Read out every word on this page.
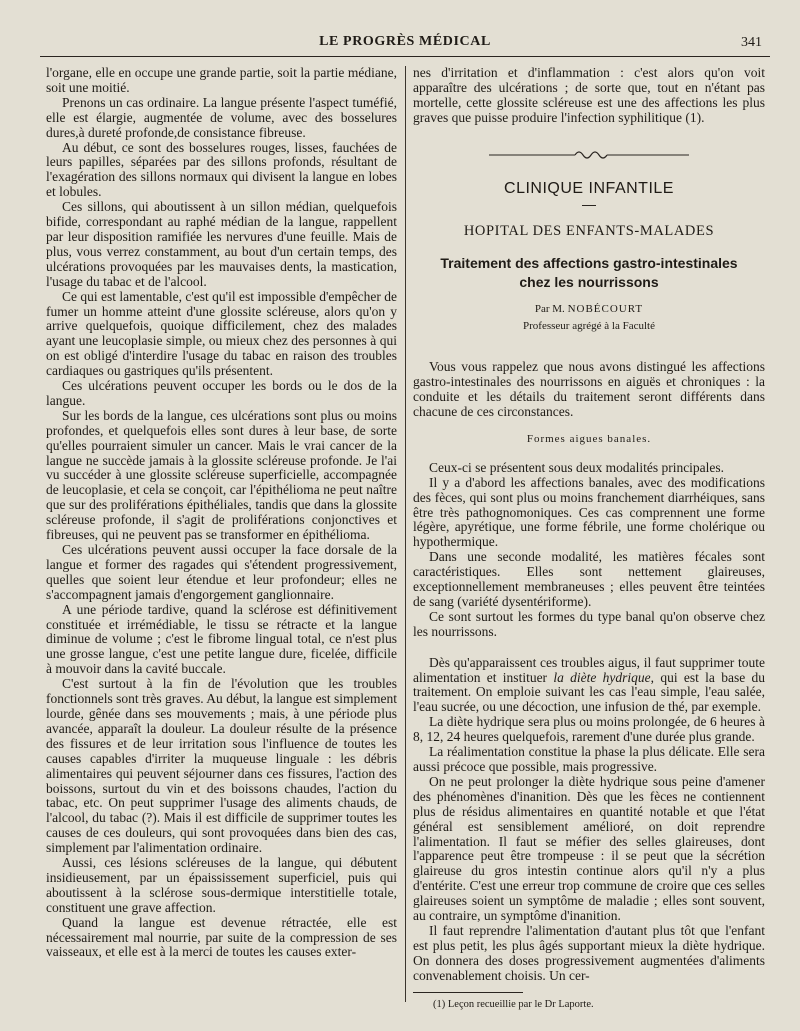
LE PROGRÈS MÉDICAL	341

l'organe, elle en occupe une grande partie, soit la partie médiane, soit une moitié.

Prenons un cas ordinaire. La langue présente l'aspect tuméfié, elle est élargie, augmentée de volume, avec des bosselures dures,à dureté profonde,de consistance fibreuse.

Au début, ce sont des bosselures rouges, lisses, fauchées de leurs papilles, séparées par des sillons profonds, résultant de l'exagération des sillons normaux qui divisent la langue en lobes et lobules.

Ces sillons, qui aboutissent à un sillon médian, quelquefois bifide, correspondant au raphé médian de la langue, rappellent par leur disposition ramifiée les nervures d'une feuille. Mais de plus, vous verrez constamment, au bout d'un certain temps, des ulcérations provoquées par les mauvaises dents, la mastication, l'usage du tabac et de l'alcool.

Ce qui est lamentable, c'est qu'il est impossible d'empêcher de fumer un homme atteint d'une glossite scléreuse, alors qu'on y arrive quelquefois, quoique difficilement, chez des malades ayant une leucoplasie simple, ou mieux chez des personnes à qui on est obligé d'interdire l'usage du tabac en raison des troubles cardiaques ou gastriques qu'ils présentent.

Ces ulcérations peuvent occuper les bords ou le dos de la langue.

Sur les bords de la langue, ces ulcérations sont plus ou moins profondes, et quelquefois elles sont dures à leur base, de sorte qu'elles pourraient simuler un cancer. Mais le vrai cancer de la langue ne succède jamais à la glossite scléreuse profonde. Je l'ai vu succéder à une glossite scléreuse superficielle, accompagnée de leucoplasie, et cela se conçoit, car l'épithélioma ne peut naître que sur des proliférations épithéliales, tandis que dans la glossite scléreuse profonde, il s'agit de proliférations conjonctives et fibreuses, qui ne peuvent pas se transformer en épithélioma.

Ces ulcérations peuvent aussi occuper la face dorsale de la langue et former des ragades qui s'étendent progressivement, quelles que soient leur étendue et leur profondeur; elles ne s'accompagnent jamais d'engorgement ganglionnaire.

A une période tardive, quand la sclérose est définitivement constituée et irrémédiable, le tissu se rétracte et la langue diminue de volume ; c'est le fibrome lingual total, ce n'est plus une grosse langue, c'est une petite langue dure, ficelée, difficile à mouvoir dans la cavité buccale.

C'est surtout à la fin de l'évolution que les troubles fonctionnels sont très graves. Au début, la langue est simplement lourde, gênée dans ses mouvements ; mais, à une période plus avancée, apparaît la douleur. La douleur résulte de la présence des fissures et de leur irritation sous l'influence de toutes les causes capables d'irriter la muqueuse linguale : les débris alimentaires qui peuvent séjourner dans ces fissures, l'action des boissons, surtout du vin et des boissons chaudes, l'action du tabac, etc. On peut supprimer l'usage des aliments chauds, de l'alcool, du tabac (?). Mais il est difficile de supprimer toutes les causes de ces douleurs, qui sont provoquées dans bien des cas, simplement par l'alimentation ordinaire.

Aussi, ces lésions scléreuses de la langue, qui débutent insidieusement, par un épaississement superficiel, puis qui aboutissent à la sclérose sous-dermique interstitielle totale, constituent une grave affection.

Quand la langue est devenue rétractée, elle est nécessairement mal nourrie, par suite de la compression de ses vaisseaux, et elle est à la merci de toutes les causes exter-

nes d'irritation et d'inflammation : c'est alors qu'on voit apparaître des ulcérations ; de sorte que, tout en n'étant pas mortelle, cette glossite scléreuse est une des affections les plus graves que puisse produire l'infection syphilitique (1).

CLINIQUE INFANTILE
HOPITAL DES ENFANTS-MALADES
Traitement des affections gastro-intestinales
chez les nourrissons
Par M. NOBÉCOURT
Professeur agrégé à la Faculté

Vous vous rappelez que nous avons distingué les affections gastro-intestinales des nourrissons en aiguës et chroniques : la conduite et les détails du traitement seront différents dans chacune de ces circonstances.

Formes aigues banales.

Ceux-ci se présentent sous deux modalités principales.

Il y a d'abord les affections banales, avec des modifications des fèces, qui sont plus ou moins franchement diarrhéiques, sans être très pathognomoniques. Ces cas comprennent une forme légère, apyrétique, une forme fébrile, une forme cholérique ou hypothermique.

Dans une seconde modalité, les matières fécales sont caractéristiques. Elles sont nettement glaireuses, exceptionnellement membraneuses ; elles peuvent être teintées de sang (variété dysentériforme).

Ce sont surtout les formes du type banal qu'on observe chez les nourrissons.

Dès qu'apparaissent ces troubles aigus, il faut supprimer toute alimentation et instituer la diète hydrique, qui est la base du traitement. On emploie suivant les cas l'eau simple, l'eau salée, l'eau sucrée, ou une décoction, une infusion de thé, par exemple.

La diète hydrique sera plus ou moins prolongée, de 6 heures à 8, 12, 24 heures quelquefois, rarement d'une durée plus grande.

La réalimentation constitue la phase la plus délicate. Elle sera aussi précoce que possible, mais progressive.

On ne peut prolonger la diète hydrique sous peine d'amener des phénomènes d'inanition. Dès que les fèces ne contiennent plus de résidus alimentaires en quantité notable et que l'état général est sensiblement amélioré, on doit reprendre l'alimentation. Il faut se méfier des selles glaireuses, dont l'apparence peut être trompeuse : il se peut que la sécrétion glaireuse du gros intestin continue alors qu'il n'y a plus d'entérite. C'est une erreur trop commune de croire que ces selles glaireuses soient un symptôme de maladie ; elles sont souvent, au contraire, un symptôme d'inanition.

Il faut reprendre l'alimentation d'autant plus tôt que l'enfant est plus petit, les plus âgés supportant mieux la diète hydrique. On donnera des doses progressivement augmentées d'aliments convenablement choisis. Un cer-

(1) Leçon recueillie par le Dr Laporte.
